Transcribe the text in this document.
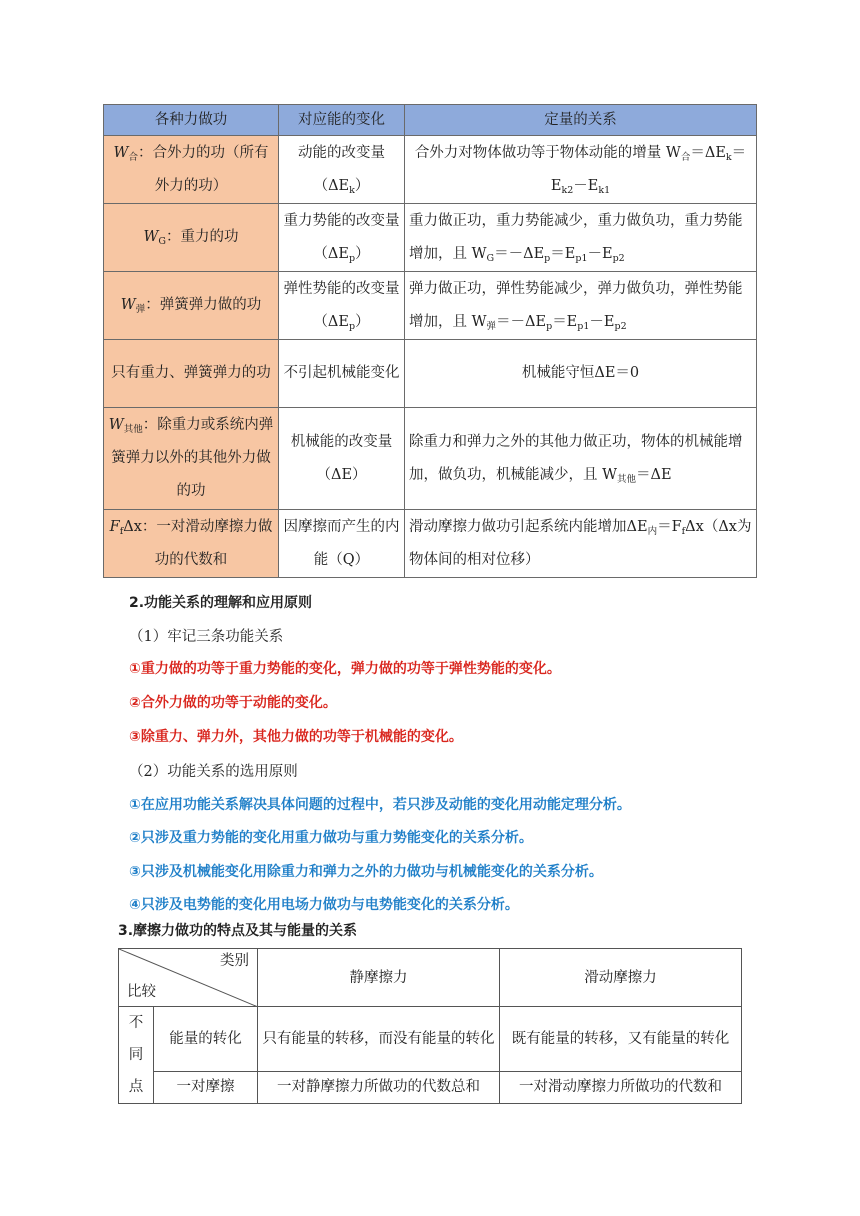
各种力做功	对应能的变化	定量的关系
$W_合$：合外力的功（所有外力的功）	动能的改变量$(\Delta E_k)$	合外力对物体做功等于物体动能的增量 $W_合=\Delta E_k=E_{k2}-E_{k1}$
$W_G$：重力的功	重力势能的改变量$(\Delta E_p)$	重力做正功，重力势能减少，重力做负功，重力势能增加，且 $W_G=-\Delta E_p=E_{p1}-E_{p2}$
$W_弹$：弹簧弹力做的功	弹性势能的改变量$(\Delta E_p)$	弹力做正功，弹性势能减少，弹力做负功，弹性势能增加，且 $W_弹=-\Delta E_p=E_{p1}-E_{p2}$
只有重力、弹簧弹力的功	不引起机械能变化	机械能守恒ΔE＝0
$W_{其他}$：除重力或系统内弹簧弹力以外的其他外力做的功	机械能的改变量（ΔE）	除重力和弹力之外的其他力做正功，物体的机械能增加，做负功，机械能减少，且 $W_{其他}=\Delta E$
$F_f\Delta x$：一对滑动摩擦力做功的代数和	因摩擦而产生的内能（Q）	滑动摩擦力做功引起系统内能增加$\Delta E_内=F_f\Delta x(\Delta x$为物体间的相对位移）
2.功能关系的理解和应用原则
（1）牢记三条功能关系
①重力做的功等于重力势能的变化，弹力做的功等于弹性势能的变化。
②合外力做的功等于动能的变化。
③除重力、弹力外，其他力做的功等于机械能的变化。
（2）功能关系的选用原则
①在应用功能关系解决具体问题的过程中，若只涉及动能的变化用动能定理分析。
②只涉及重力势能的变化用重力做功与重力势能变化的关系分析。
③只涉及机械能变化用除重力和弹力之外的力做功与机械能变化的关系分析。
④只涉及电势能的变化用电场力做功与电势能变化的关系分析。
3.摩擦力做功的特点及其与能量的关系
类别
比较		静摩擦力	滑动摩擦力
不同点	能量的转化	只有能量的转移，而没有能量的转化	既有能量的转移，又有能量的转化
	一对摩擦	一对静摩擦力所做功的代数总和	一对滑动摩擦力所做功的代数和
